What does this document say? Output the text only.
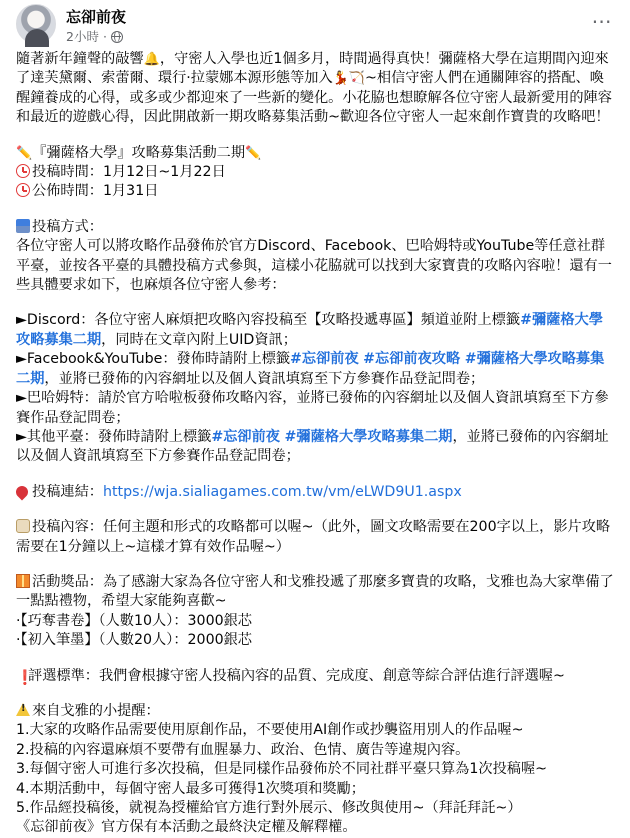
忘卻前夜
2小時 ·
⋯

隨著新年鐘聲的敲響🔔，守密人入學也近1個多月，時間過得真快！彌薩格大學在這期間內迎來了達芙黛爾、索蕾爾、環行·拉蒙娜本源形態等加入💃🏹~相信守密人們在通關陣容的搭配、喚醒鐘養成的心得，或多或少都迎來了一些新的變化。小花脇也想瞭解各位守密人最新愛用的陣容和最近的遊戲心得，因此開啟新一期攻略募集活動~歡迎各位守密人一起來創作寶貴的攻略吧！

✏️『彌薩格大學』攻略募集活動二期✏️

投稿時間：1月12日~1月22日

公佈時間：1月31日

投稿方式：

各位守密人可以將攻略作品發佈於官方Discord、Facebook、巴哈姆特或YouTube等任意社群平臺，並按各平臺的具體投稿方式參與，這樣小花脇就可以找到大家寶貴的攻略內容啦！還有一些具體要求如下，也麻煩各位守密人參考：

►Discord：各位守密人麻煩把攻略內容投稿至【攻略投遞專區】頻道並附上標籤#彌薩格大學攻略募集二期，同時在文章內附上UID資訊；

►Facebook&YouTube：發佈時請附上標籤#忘卻前夜 #忘卻前夜攻略 #彌薩格大學攻略募集二期，並將已發佈的內容網址以及個人資訊填寫至下方參賽作品登記問卷；

►巴哈姆特：請於官方哈啦板發佈攻略內容，並將已發佈的內容網址以及個人資訊填寫至下方參賽作品登記問卷；

►其他平臺：發佈時請附上標籤#忘卻前夜 #彌薩格大學攻略募集二期，並將已發佈的內容網址以及個人資訊填寫至下方參賽作品登記問卷；

投稿連結：https://wja.sialiagames.com.tw/vm/eLWD9U1.aspx

投稿內容：任何主題和形式的攻略都可以喔~（此外，圖文攻略需要在200字以上，影片攻略需要在1分鐘以上~這樣才算有效作品喔~）

活動獎品：為了感謝大家為各位守密人和戈雅投遞了那麼多寶貴的攻略，戈雅也為大家準備了一點點禮物，希望大家能夠喜歡~

·【巧奪書卷】（人數10人）：3000銀芯

·【初入筆墨】（人數20人）：2000銀芯

❗評選標準：我們會根據守密人投稿內容的品質、完成度、創意等綜合評估進行評選喔~

!來自戈雅的小提醒：

1.大家的攻略作品需要使用原創作品，不要使用AI創作或抄襲盜用別人的作品喔~

2.投稿的內容還麻煩不要帶有血腥暴力、政治、色情、廣告等違規內容。

3.每個守密人可進行多次投稿，但是同樣作品發佈於不同社群平臺只算為1次投稿喔~

4.本期活動中，每個守密人最多可獲得1次獎項和獎勵；

5.作品經投稿後，就視為授權給官方進行對外展示、修改與使用~（拜託拜託~）

《忘卻前夜》官方保有本活動之最終決定權及解釋權。
